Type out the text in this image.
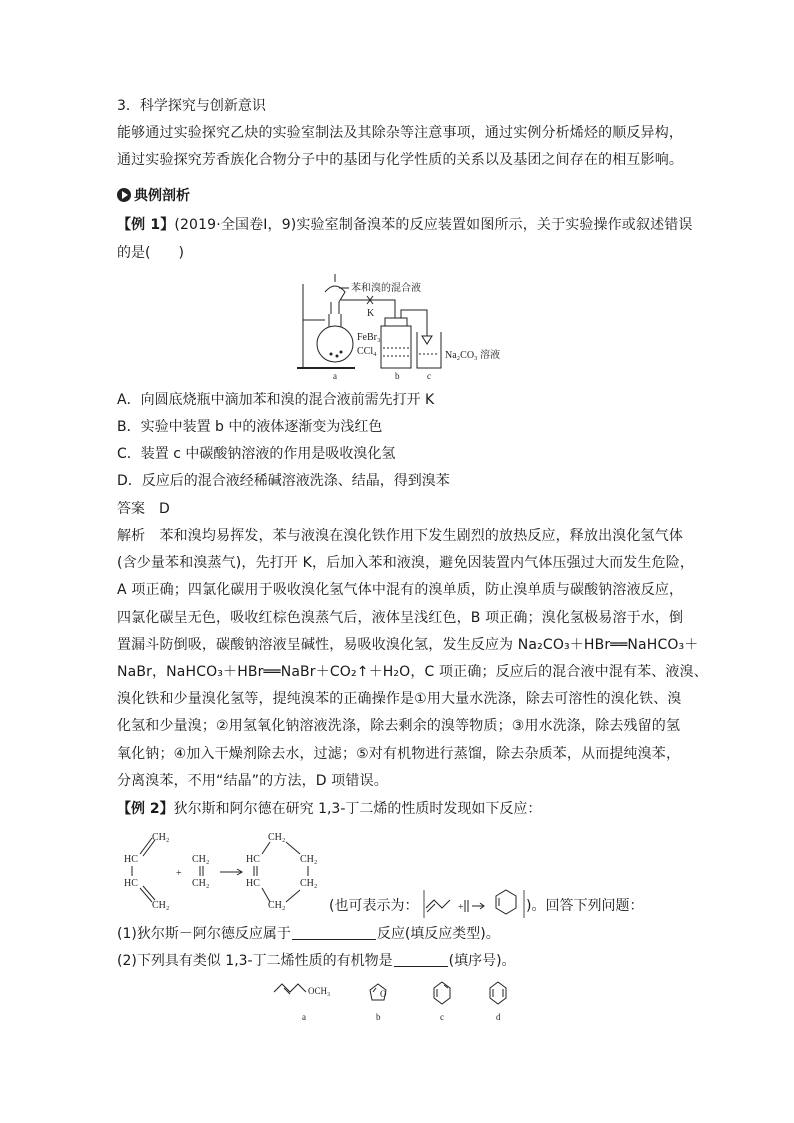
3．科学探究与创新意识
能够通过实验探究乙炔的实验室制法及其除杂等注意事项，通过实例分析烯烃的顺反异构，
通过实验探究芳香族化合物分子中的基团与化学性质的关系以及基团之间存在的相互影响。
典例剖析
【例 1】(2019·全国卷Ⅰ，9)实验室制备溴苯的反应装置如图所示，关于实验操作或叙述错误
的是(　　)
苯和溴的混合液
K
FeBr₃
CCl₄	Na₂CO₃ 溶液
a	b	c
A．向圆底烧瓶中滴加苯和溴的混合液前需先打开 K
B．实验中装置 b 中的液体逐渐变为浅红色
C．装置 c 中碳酸钠溶液的作用是吸收溴化氢
D．反应后的混合液经稀碱溶液洗涤、结晶，得到溴苯
答案　D
解析　苯和溴均易挥发，苯与液溴在溴化铁作用下发生剧烈的放热反应，释放出溴化氢气体
(含少量苯和溴蒸气)，先打开 K，后加入苯和液溴，避免因装置内气体压强过大而发生危险，
A 项正确；四氯化碳用于吸收溴化氢气体中混有的溴单质，防止溴单质与碳酸钠溶液反应，
四氯化碳呈无色，吸收红棕色溴蒸气后，液体呈浅红色，B 项正确；溴化氢极易溶于水，倒
置漏斗防倒吸，碳酸钠溶液呈碱性，易吸收溴化氢，发生反应为 Na₂CO₃＋HBr══NaHCO₃＋
NaBr，NaHCO₃＋HBr══NaBr＋CO₂↑＋H₂O，C 项正确；反应后的混合液中混有苯、液溴、
溴化铁和少量溴化氢等，提纯溴苯的正确操作是①用大量水洗涤，除去可溶性的溴化铁、溴
化氢和少量溴；②用氢氧化钠溶液洗涤，除去剩余的溴等物质；③用水洗涤，除去残留的氢
氧化钠；④加入干燥剂除去水，过滤；⑤对有机物进行蒸馏，除去杂质苯，从而提纯溴苯，
分离溴苯，不用“结晶”的方法，D 项错误。
【例 2】狄尔斯和阿尔德在研究 1,3-丁二烯的性质时发现如下反应：
CH₂
HC
HC
CH₂
+
CH₂
CH₂
CH₂
HC
HC
CH₂
CH₂
CH₂	+
(也可表示为：	)。回答下列问题：
(1)狄尔斯－阿尔德反应属于	反应(填反应类型)。
(2)下列具有类似 1,3-丁二烯性质的有机物是	(填序号)。
OCH₃	O
a	b	c	d
